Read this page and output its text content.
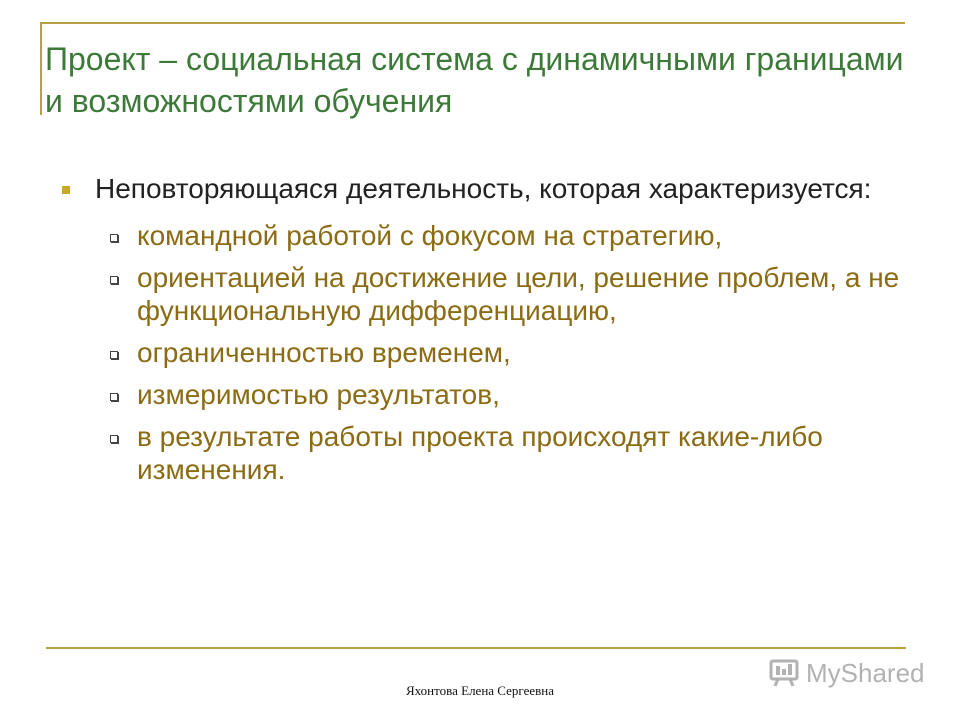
Проект – социальная система с динамичными границами и возможностями обучения
Неповторяющаяся деятельность, которая характеризуется:
командной работой с фокусом на стратегию,
ориентацией на достижение цели, решение проблем, а не функциональную дифференциацию,
ограниченностью временем,
измеримостью результатов,
в результате работы проекта происходят какие-либо изменения.
MyShared
Яхонтова Елена Сергеевна
